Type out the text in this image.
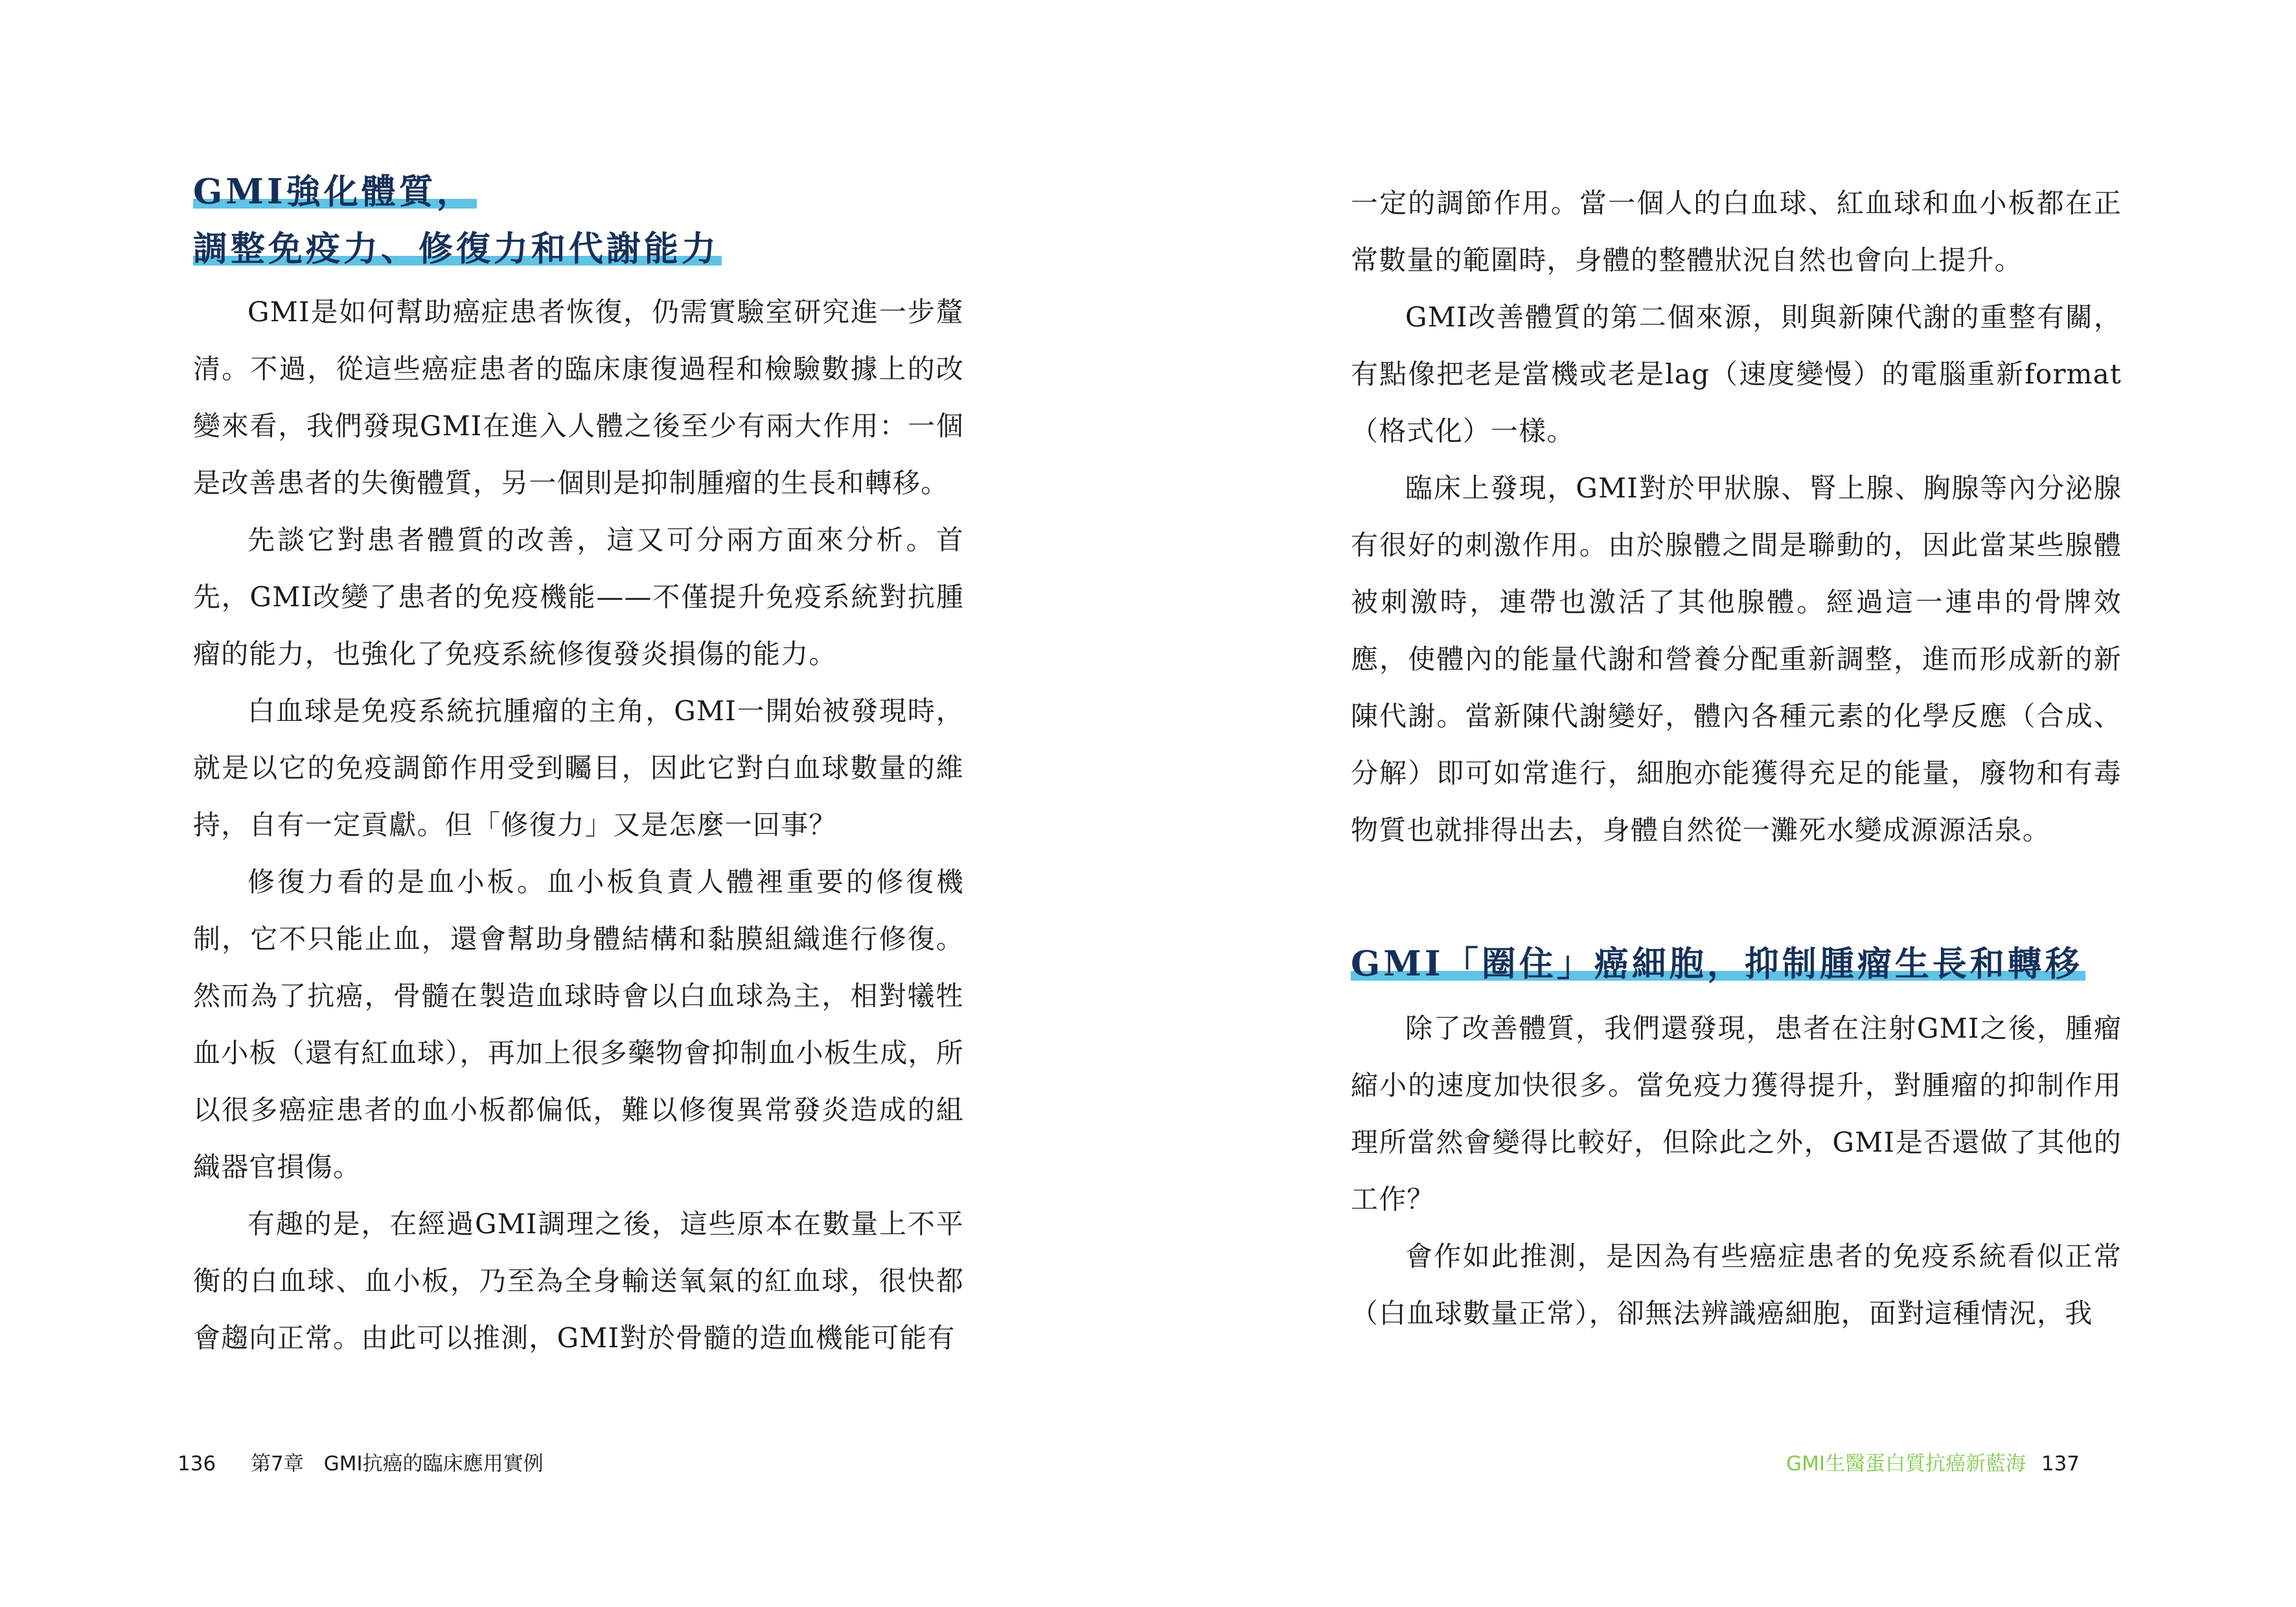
GMI強化體質，
調整免疫力、修復力和代謝能力

GMI是如何幫助癌症患者恢復，仍需實驗室研究進一步釐清。不過，從這些癌症患者的臨床康復過程和檢驗數據上的改變來看，我們發現GMI在進入人體之後至少有兩大作用：一個是改善患者的失衡體質，另一個則是抑制腫瘤的生長和轉移。

先談它對患者體質的改善，這又可分兩方面來分析。首先，GMI改變了患者的免疫機能——不僅提升免疫系統對抗腫瘤的能力，也強化了免疫系統修復發炎損傷的能力。

白血球是免疫系統抗腫瘤的主角，GMI一開始被發現時，就是以它的免疫調節作用受到矚目，因此它對白血球數量的維持，自有一定貢獻。但「修復力」又是怎麼一回事？

修復力看的是血小板。血小板負責人體裡重要的修復機制，它不只能止血，還會幫助身體結構和黏膜組織進行修復。然而為了抗癌，骨髓在製造血球時會以白血球為主，相對犧牲血小板（還有紅血球），再加上很多藥物會抑制血小板生成，所以很多癌症患者的血小板都偏低，難以修復異常發炎造成的組織器官損傷。

有趣的是，在經過GMI調理之後，這些原本在數量上不平衡的白血球、血小板，乃至為全身輸送氧氣的紅血球，很快都會趨向正常。由此可以推測，GMI對於骨髓的造血機能可能有

136 第7章　GMI抗癌的臨床應用實例

一定的調節作用。當一個人的白血球、紅血球和血小板都在正常數量的範圍時，身體的整體狀況自然也會向上提升。

GMI改善體質的第二個來源，則與新陳代謝的重整有關，有點像把老是當機或老是lag（速度變慢）的電腦重新format（格式化）一樣。

臨床上發現，GMI對於甲狀腺、腎上腺、胸腺等內分泌腺有很好的刺激作用。由於腺體之間是聯動的，因此當某些腺體被刺激時，連帶也激活了其他腺體。經過這一連串的骨牌效應，使體內的能量代謝和營養分配重新調整，進而形成新的新陳代謝。當新陳代謝變好，體內各種元素的化學反應（合成、分解）即可如常進行，細胞亦能獲得充足的能量，廢物和有毒物質也就排得出去，身體自然從一灘死水變成源源活泉。

GMI「圈住」癌細胞，抑制腫瘤生長和轉移

除了改善體質，我們還發現，患者在注射GMI之後，腫瘤縮小的速度加快很多。當免疫力獲得提升，對腫瘤的抑制作用理所當然會變得比較好，但除此之外，GMI是否還做了其他的工作？

會作如此推測，是因為有些癌症患者的免疫系統看似正常（白血球數量正常），卻無法辨識癌細胞，面對這種情況，我

GMI生醫蛋白質抗癌新藍海 137
